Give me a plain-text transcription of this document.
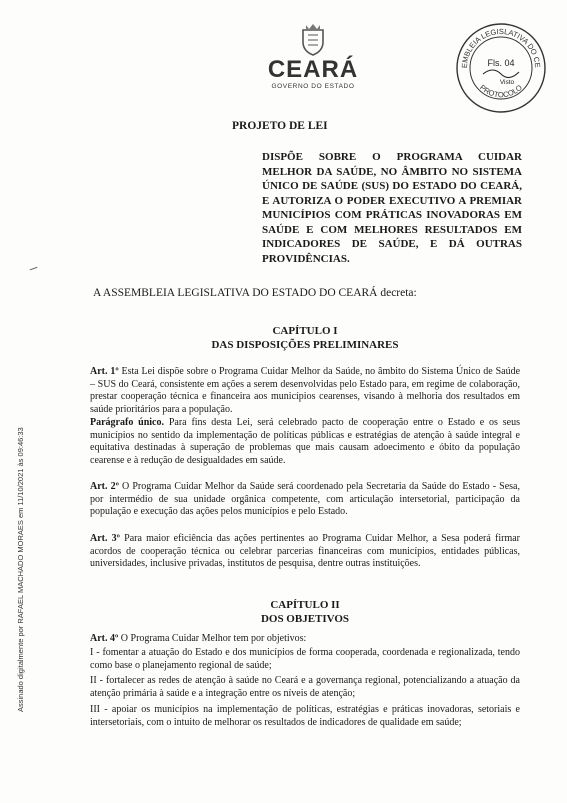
CEARÁ
GOVERNO DO ESTADO
EMBLEIA LEGISLATIVA DO CE
PROTOCOLO
Fls. 04
Visto
PROJETO DE LEI
DISPÕE SOBRE O PROGRAMA CUIDAR MELHOR DA SAÚDE, NO ÂMBITO NO SISTEMA ÚNICO DE SAÚDE (SUS) DO ESTADO DO CEARÁ, E AUTORIZA O PODER EXECUTIVO A PREMIAR MUNICÍPIOS COM PRÁTICAS INOVADORAS EM SAÚDE E COM MELHORES RESULTADOS EM INDICADORES DE SAÚDE, E DÁ OUTRAS PROVIDÊNCIAS.
A ASSEMBLEIA LEGISLATIVA DO ESTADO DO CEARÁ decreta:
CAPÍTULO I
DAS DISPOSIÇÕES PRELIMINARES
Art. 1º Esta Lei dispõe sobre o Programa Cuidar Melhor da Saúde, no âmbito do Sistema Único de Saúde – SUS do Ceará, consistente em ações a serem desenvolvidas pelo Estado para, em regime de colaboração, prestar cooperação técnica e financeira aos municípios cearenses, visando à melhoria dos resultados em saúde prioritários para a população.
Parágrafo único. Para fins desta Lei, será celebrado pacto de cooperação entre o Estado e os seus municípios no sentido da implementação de políticas públicas e estratégias de atenção à saúde integral e equitativa destinadas à superação de problemas que mais causam adoecimento e óbito da população cearense e à redução de desigualdades em saúde.
Art. 2º O Programa Cuidar Melhor da Saúde será coordenado pela Secretaria da Saúde do Estado - Sesa, por intermédio de sua unidade orgânica competente, com articulação intersetorial, participação da população e execução das ações pelos municípios e pelo Estado.
Art. 3º Para maior eficiência das ações pertinentes ao Programa Cuidar Melhor, a Sesa poderá firmar acordos de cooperação técnica ou celebrar parcerias financeiras com municípios, entidades públicas, universidades, inclusive privadas, institutos de pesquisa, dentre outras instituições.
CAPÍTULO II
DOS OBJETIVOS
Art. 4º O Programa Cuidar Melhor tem por objetivos:
I - fomentar a atuação do Estado e dos municípios de forma cooperada, coordenada e regionalizada, tendo como base o planejamento regional de saúde;
II - fortalecer as redes de atenção à saúde no Ceará e a governança regional, potencializando a atuação da atenção primária à saúde e a integração entre os níveis de atenção;
III - apoiar os municípios na implementação de políticas, estratégias e práticas inovadoras, setoriais e intersetoriais, com o intuito de melhorar os resultados de indicadores de qualidade em saúde;
Assinado digitalmente por RAFAEL MACHADO MORAES em 11/10/2021 às 09:46:33
